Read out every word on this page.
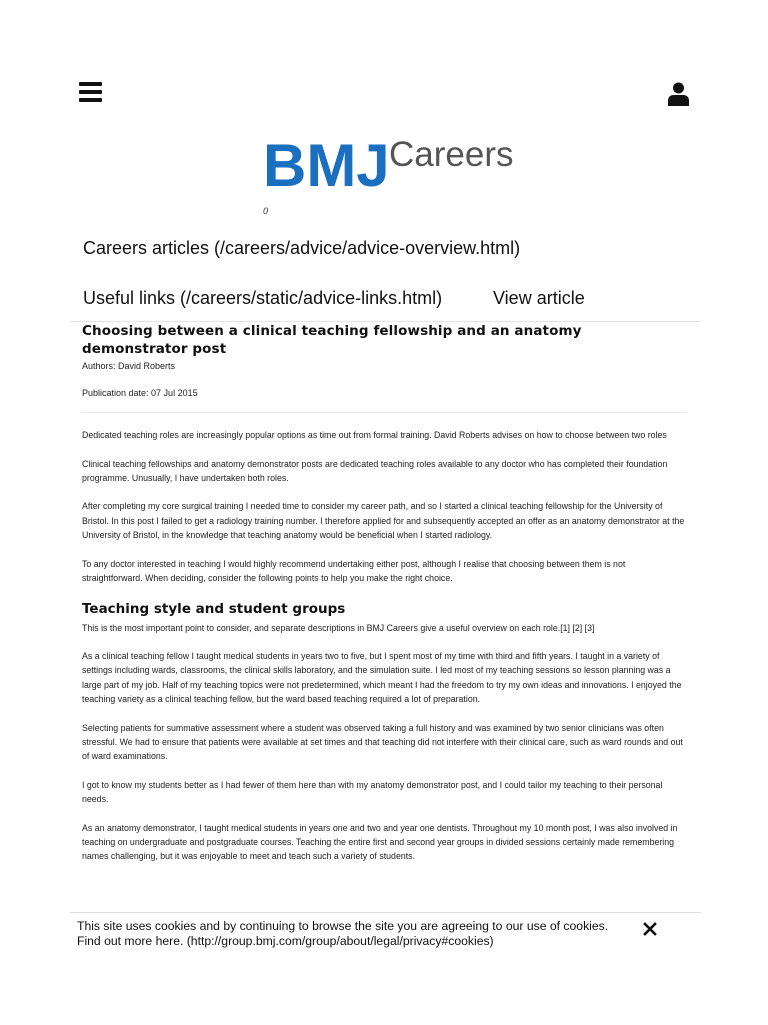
BMJ Careers
0
Careers articles (/careers/advice/advice-overview.html)
Useful links (/careers/static/advice-links.html)	View article
Choosing between a clinical teaching fellowship and an anatomy demonstrator post
Authors: David Roberts
Publication date: 07 Jul 2015

Dedicated teaching roles are increasingly popular options as time out from formal training. David Roberts advises on how to choose between two roles

Clinical teaching fellowships and anatomy demonstrator posts are dedicated teaching roles available to any doctor who has completed their foundation programme. Unusually, I have undertaken both roles.

After completing my core surgical training I needed time to consider my career path, and so I started a clinical teaching fellowship for the University of Bristol. In this post I failed to get a radiology training number. I therefore applied for and subsequently accepted an offer as an anatomy demonstrator at the University of Bristol, in the knowledge that teaching anatomy would be beneficial when I started radiology.

To any doctor interested in teaching I would highly recommend undertaking either post, although I realise that choosing between them is not straightforward. When deciding, consider the following points to help you make the right choice.

Teaching style and student groups

This is the most important point to consider, and separate descriptions in BMJ Careers give a useful overview on each role.[1] [2] [3]

As a clinical teaching fellow I taught medical students in years two to five, but I spent most of my time with third and fifth years. I taught in a variety of settings including wards, classrooms, the clinical skills laboratory, and the simulation suite. I led most of my teaching sessions so lesson planning was a large part of my job. Half of my teaching topics were not predetermined, which meant I had the freedom to try my own ideas and innovations. I enjoyed the teaching variety as a clinical teaching fellow, but the ward based teaching required a lot of preparation.

Selecting patients for summative assessment where a student was observed taking a full history and was examined by two senior clinicians was often stressful. We had to ensure that patients were available at set times and that teaching did not interfere with their clinical care, such as ward rounds and out of ward examinations.

I got to know my students better as I had fewer of them here than with my anatomy demonstrator post, and I could tailor my teaching to their personal needs.

As an anatomy demonstrator, I taught medical students in years one and two and year one dentists. Throughout my 10 month post, I was also involved in teaching on undergraduate and postgraduate courses. Teaching the entire first and second year groups in divided sessions certainly made remembering names challenging, but it was enjoyable to meet and teach such a variety of students.

This site uses cookies and by continuing to browse the site you are agreeing to our use of cookies. Find out more here. (http://group.bmj.com/group/about/legal/privacy#cookies)
